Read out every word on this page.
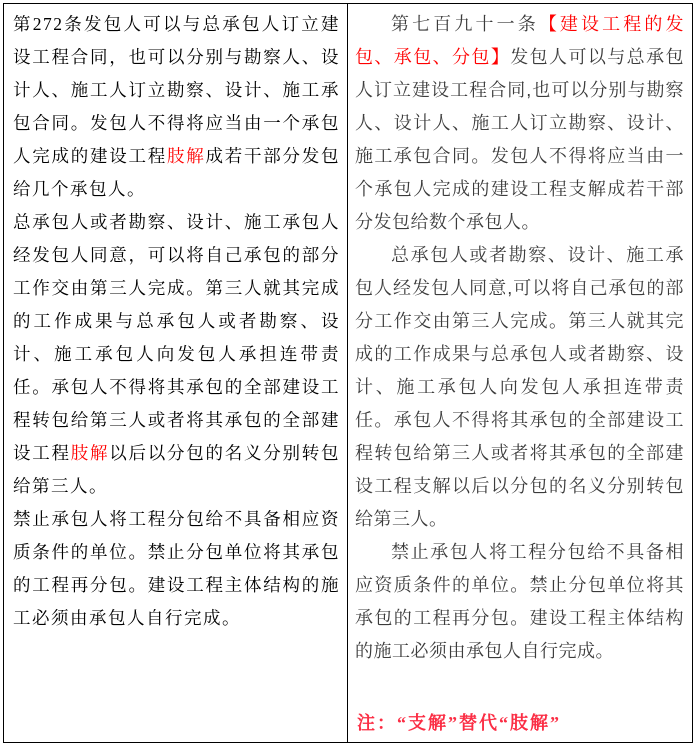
第272条发包人可以与总承包人订立建设工程合同，也可以分别与勘察人、设计人、施工人订立勘察、设计、施工承包合同。发包人不得将应当由一个承包人完成的建设工程肢解成若干部分发包给几个承包人。

总承包人或者勘察、设计、施工承包人经发包人同意，可以将自己承包的部分工作交由第三人完成。第三人就其完成的工作成果与总承包人或者勘察、设计、施工承包人向发包人承担连带责任。承包人不得将其承包的全部建设工程转包给第三人或者将其承包的全部建设工程肢解以后以分包的名义分别转包给第三人。

禁止承包人将工程分包给不具备相应资质条件的单位。禁止分包单位将其承包的工程再分包。建设工程主体结构的施工必须由承包人自行完成。

第七百九十一条【建设工程的发包、承包、分包】发包人可以与总承包人订立建设工程合同,也可以分别与勘察人、设计人、施工人订立勘察、设计、施工承包合同。发包人不得将应当由一个承包人完成的建设工程支解成若干部分发包给数个承包人。

总承包人或者勘察、设计、施工承包人经发包人同意,可以将自己承包的部分工作交由第三人完成。第三人就其完成的工作成果与总承包人或者勘察、设计、施工承包人向发包人承担连带责任。承包人不得将其承包的全部建设工程转包给第三人或者将其承包的全部建设工程支解以后以分包的名义分别转包给第三人。

禁止承包人将工程分包给不具备相应资质条件的单位。禁止分包单位将其承包的工程再分包。建设工程主体结构的施工必须由承包人自行完成。

注：“支解”替代“肢解”
